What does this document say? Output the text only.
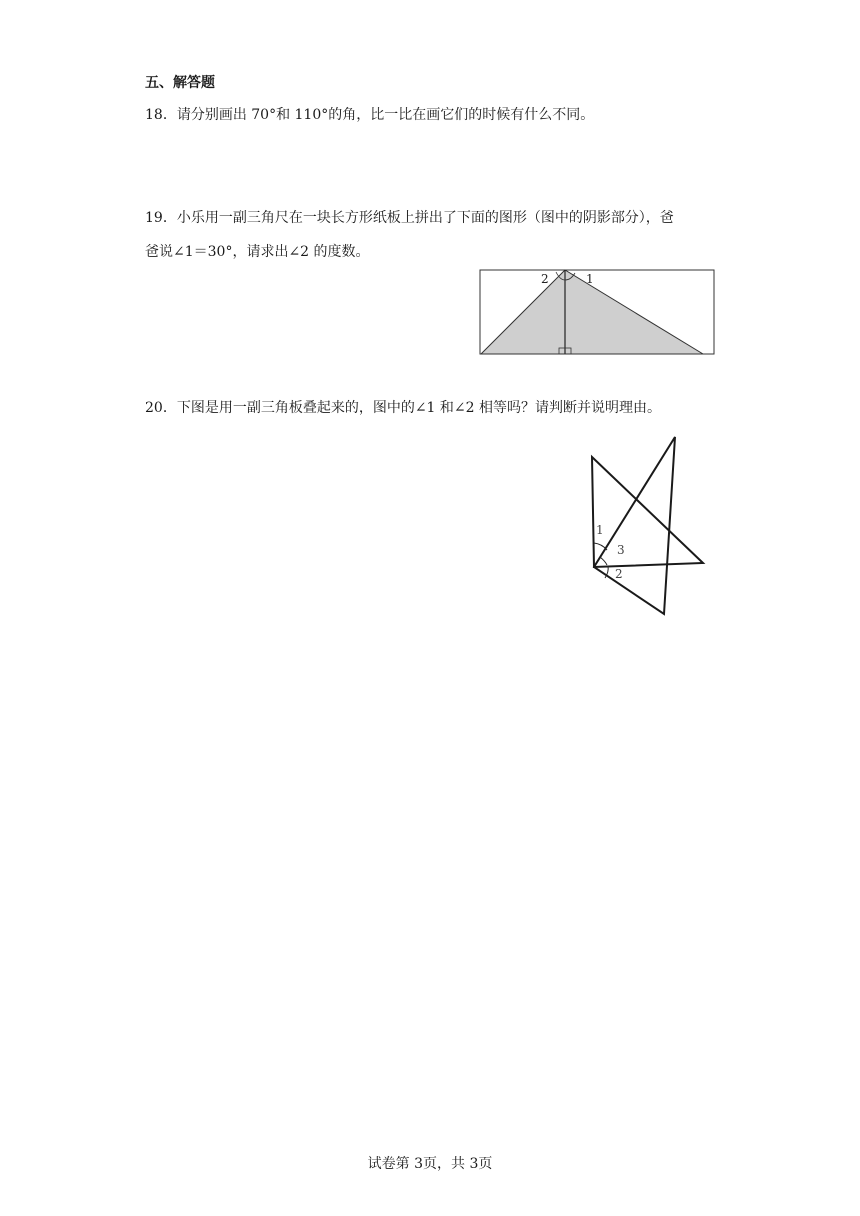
五、解答题
18．请分别画出 70°和 110°的角，比一比在画它们的时候有什么不同。
19．小乐用一副三角尺在一块长方形纸板上拼出了下面的图形（图中的阴影部分），爸
爸说∠1＝30°，请求出∠2 的度数。
2	1
20．下图是用一副三角板叠起来的，图中的∠1 和∠2 相等吗？请判断并说明理由。
1
3
2
试卷第 3页，共 3页
